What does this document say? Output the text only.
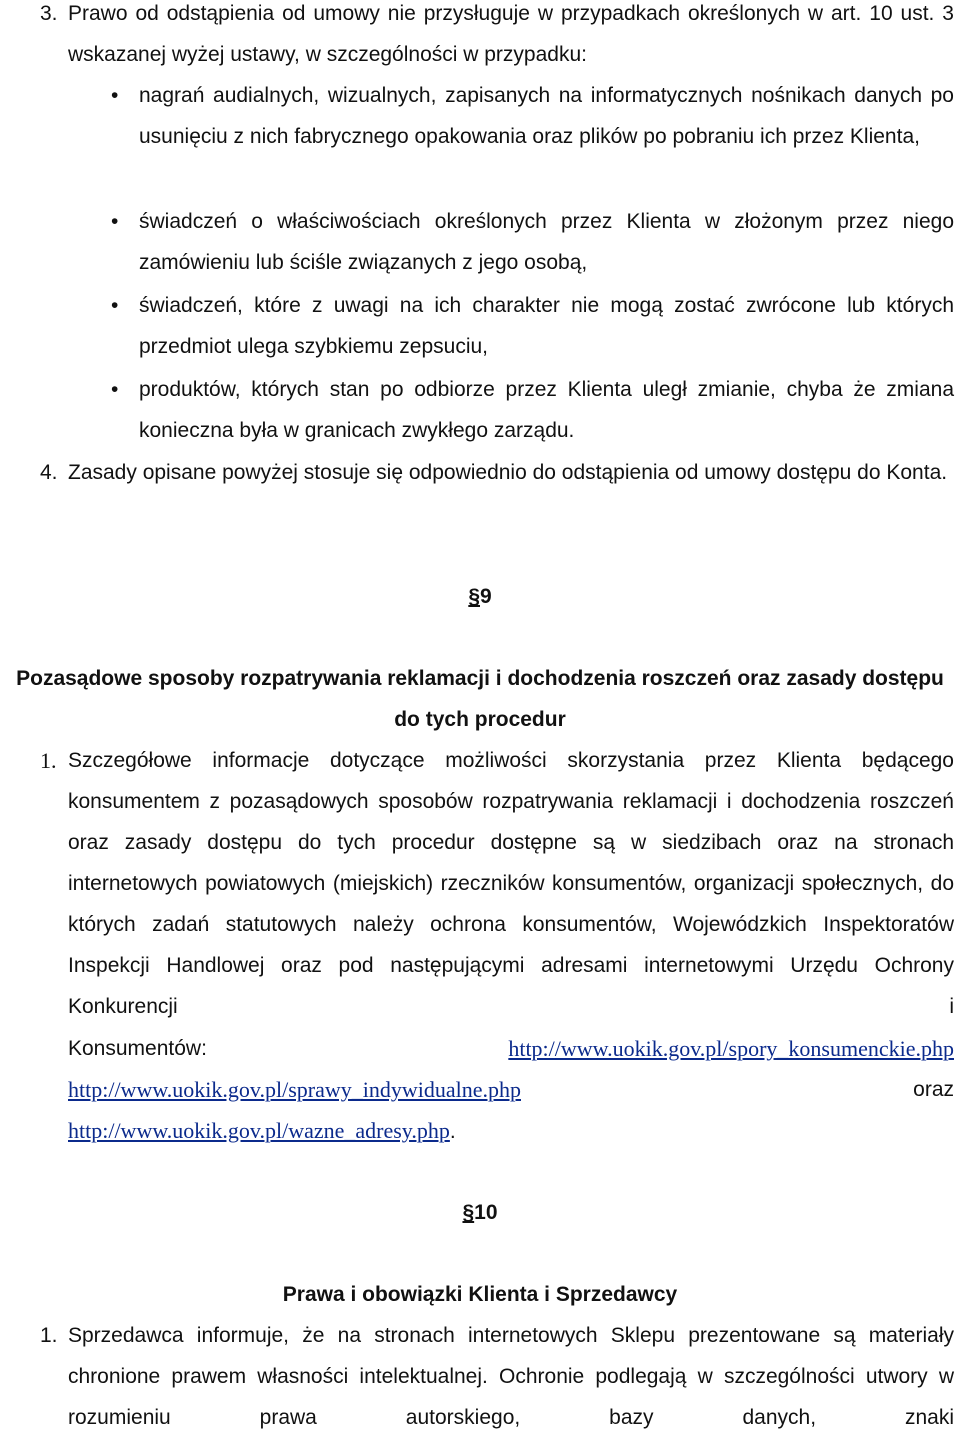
3. Prawo od odstąpienia od umowy nie przysługuje w przypadkach określonych w art. 10 ust. 3 wskazanej wyżej ustawy, w szczególności w przypadku:
• nagrań audialnych, wizualnych, zapisanych na informatycznych nośnikach danych po usunięciu z nich fabrycznego opakowania oraz plików po pobraniu ich przez Klienta,
• świadczeń o właściwościach określonych przez Klienta w złożonym przez niego zamówieniu lub ściśle związanych z jego osobą,
• świadczeń, które z uwagi na ich charakter nie mogą zostać zwrócone lub których przedmiot ulega szybkiemu zepsuciu,
• produktów, których stan po odbiorze przez Klienta uległ zmianie, chyba że zmiana konieczna była w granicach zwykłego zarządu.
4. Zasady opisane powyżej stosuje się odpowiednio do odstąpienia od umowy dostępu do Konta.
§9
Pozasądowe sposoby rozpatrywania reklamacji i dochodzenia roszczeń oraz zasady dostępu do tych procedur
1. Szczegółowe informacje dotyczące możliwości skorzystania przez Klienta będącego konsumentem z pozasądowych sposobów rozpatrywania reklamacji i dochodzenia roszczeń oraz zasady dostępu do tych procedur dostępne są w siedzibach oraz na stronach internetowych powiatowych (miejskich) rzeczników konsumentów, organizacji społecznych, do których zadań statutowych należy ochrona konsumentów, Wojewódzkich Inspektoratów Inspekcji Handlowej oraz pod następującymi adresami internetowymi Urzędu Ochrony Konkurencji i
Konsumentów:	http://www.uokik.gov.pl/spory_konsumenckie.php
http://www.uokik.gov.pl/sprawy_indywidualne.php	oraz
http://www.uokik.gov.pl/wazne_adresy.php.
§10
Prawa i obowiązki Klienta i Sprzedawcy
1. Sprzedawca informuje, że na stronach internetowych Sklepu prezentowane są materiały chronione prawem własności intelektualnej. Ochronie podlegają w szczególności utwory w rozumieniu prawa autorskiego, bazy danych, znaki
